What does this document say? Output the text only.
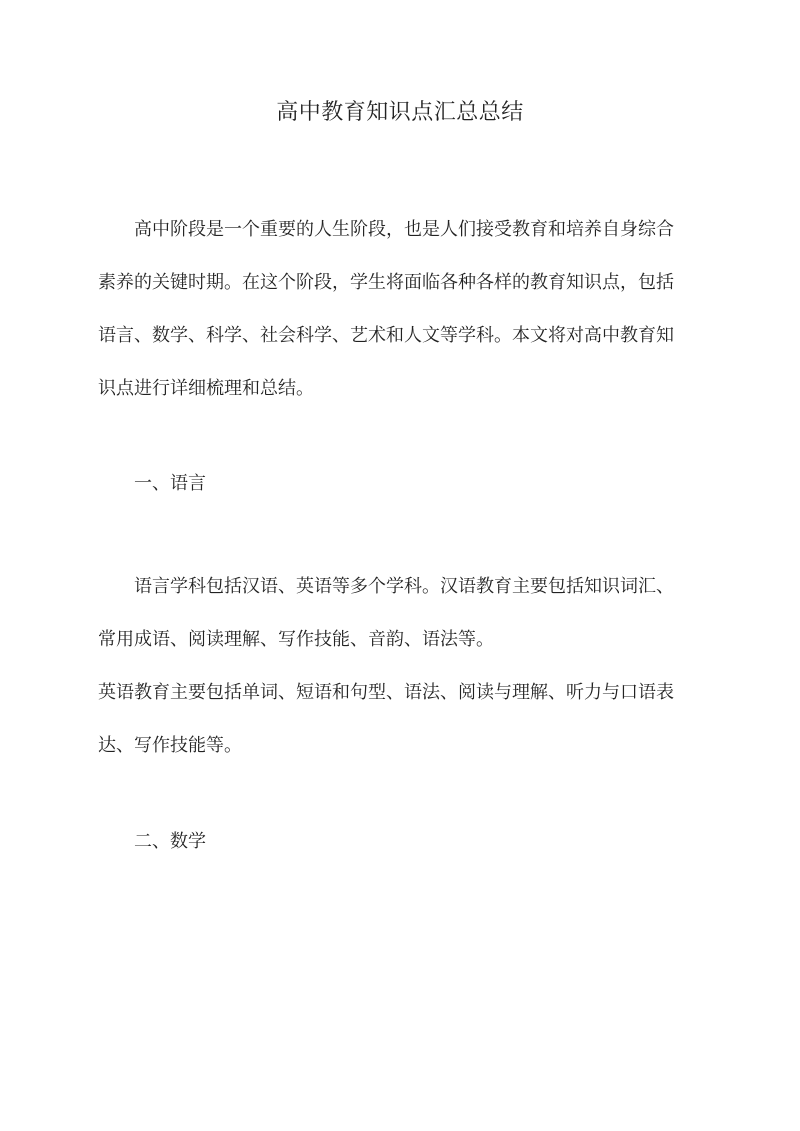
高中教育知识点汇总总结
高中阶段是一个重要的人生阶段，也是人们接受教育和培养自身综合
素养的关键时期。在这个阶段，学生将面临各种各样的教育知识点，包括
语言、数学、科学、社会科学、艺术和人文等学科。本文将对高中教育知
识点进行详细梳理和总结。
一、语言
语言学科包括汉语、英语等多个学科。汉语教育主要包括知识词汇、
常用成语、阅读理解、写作技能、音韵、语法等。
英语教育主要包括单词、短语和句型、语法、阅读与理解、听力与口语表
达、写作技能等。
二、数学
